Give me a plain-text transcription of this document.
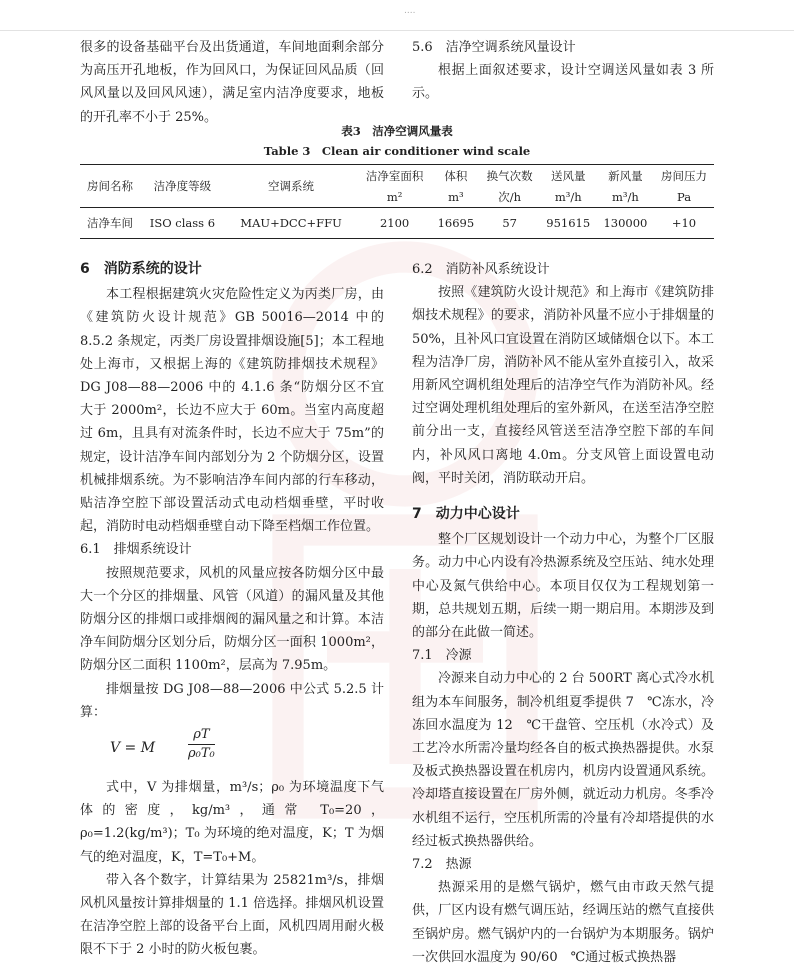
....

很多的设备基础平台及出货通道，车间地面剩余部分为高压开孔地板，作为回风口，为保证回风品质（回风风量以及回风风速），满足室内洁净度要求，地板的开孔率不小于 25%。

5.6　洁净空调系统风量设计

根据上面叙述要求，设计空调送风量如表 3 所示。

表3　洁净空调风量表
Table 3　Clean air conditioner wind scale
房间名称	洁净度等级	空调系统	洁净室面积	体积	换气次数	送风量	新风量	房间压力
			m²	m³	次/h	m³/h	m³/h	Pa
洁净车间	ISO class 6	MAU+DCC+FFU	2100	16695	57	951615	130000	+10

6　消防系统的设计

本工程根据建筑火灾危险性定义为丙类厂房，由《建筑防火设计规范》GB 50016—2014 中的 8.5.2 条规定，丙类厂房设置排烟设施[5]；本工程地处上海市，又根据上海的《建筑防排烟技术规程》DG J08—88—2006 中的 4.1.6 条“防烟分区不宜大于 2000m²，长边不应大于 60m。当室内高度超过 6m，且具有对流条件时，长边不应大于 75m”的规定，设计洁净车间内部划分为 2 个防烟分区，设置机械排烟系统。为不影响洁净车间内部的行车移动，贴洁净空腔下部设置活动式电动档烟垂壁，平时收起，消防时电动档烟垂壁自动下降至档烟工作位置。

6.1　排烟系统设计

按照规范要求，风机的风量应按各防烟分区中最大一个分区的排烟量、风管（风道）的漏风量及其他防烟分区的排烟口或排烟阀的漏风量之和计算。本洁净车间防烟分区划分后，防烟分区一面积 1000m²，防烟分区二面积 1100m²，层高为 7.95m。

排烟量按 DG J08—88—2006 中公式 5.2.5 计算：

V = M	$\frac{\rho T}{\text{ρ₀T₀}}$

式中，V 为排烟量，m³/s；ρ₀ 为环境温度下气体的密度，kg/m³，通常 T₀=20，ρ₀=1.2(kg/m³)；T₀ 为环境的绝对温度，K；T 为烟气的绝对温度，K，T=T₀+M。

带入各个数字，计算结果为 25821m³/s，排烟风机风量按计算排烟量的 1.1 倍选择。排烟风机设置在洁净空腔上部的设备平台上面，风机四周用耐火极限不下于 2 小时的防火板包裹。

6.2　消防补风系统设计

按照《建筑防火设计规范》和上海市《建筑防排烟技术规程》的要求，消防补风量不应小于排烟量的 50%，且补风口宜设置在消防区域储烟仓以下。本工程为洁净厂房，消防补风不能从室外直接引入，故采用新风空调机组处理后的洁净空气作为消防补风。经过空调处理机组处理后的室外新风，在送至洁净空腔前分出一支，直接经风管送至洁净空腔下部的车间内，补风风口离地 4.0m。分支风管上面设置电动阀，平时关闭，消防联动开启。

7　动力中心设计

整个厂区规划设计一个动力中心，为整个厂区服务。动力中心内设有冷热源系统及空压站、纯水处理中心及氮气供给中心。本项目仅仅为工程规划第一期，总共规划五期，后续一期一期启用。本期涉及到的部分在此做一简述。

7.1　冷源

冷源来自动力中心的 2 台 500RT 离心式冷水机组为本车间服务，制冷机组夏季提供 7　℃冻水，冷冻回水温度为 12　℃干盘管、空压机（水冷式）及工艺冷水所需冷量均经各自的板式换热器提供。水泵及板式换热器设置在机房内，机房内设置通风系统。冷却塔直接设置在厂房外侧，就近动力机房。冬季冷水机组不运行，空压机所需的冷量有冷却塔提供的水经过板式换热器供给。

7.2　热源

热源采用的是燃气锅炉，燃气由市政天然气提供，厂区内设有燃气调压站，经调压站的燃气直接供至锅炉房。燃气锅炉内的一台锅炉为本期服务。锅炉一次供回水温度为 90/60　℃通过板式换热器
